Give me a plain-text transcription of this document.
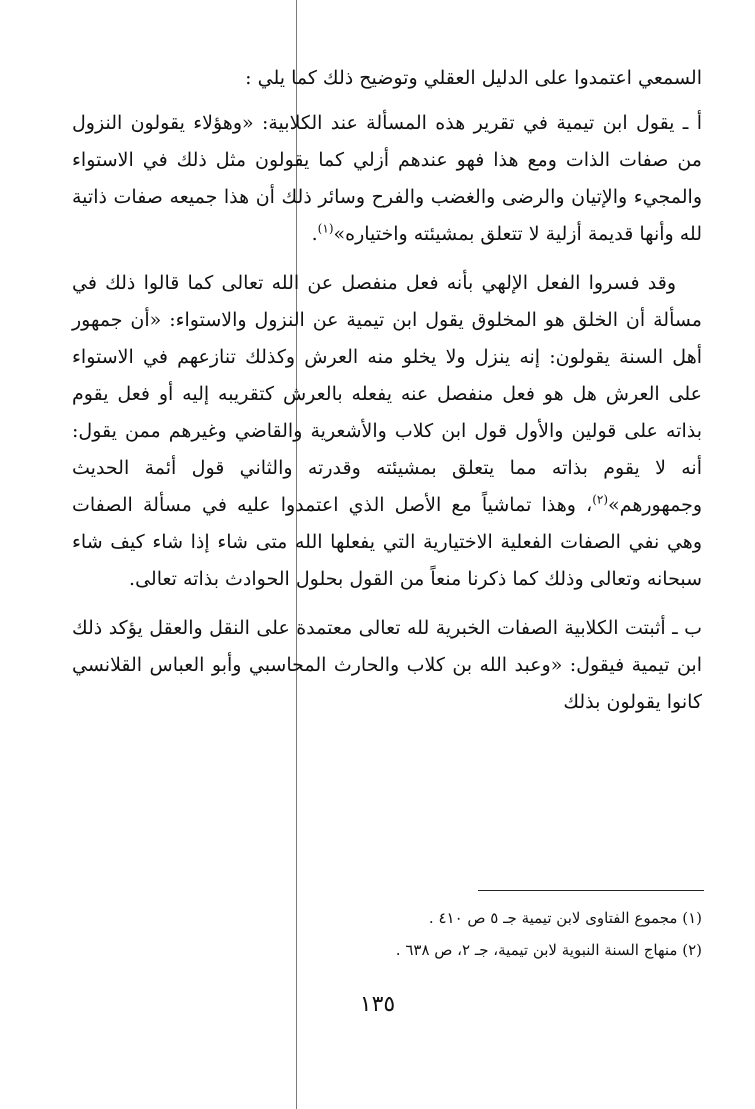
السمعي اعتمدوا على الدليل العقلي وتوضيح ذلك كما يلي :

أ ـ يقول ابن تيمية في تقرير هذه المسألة عند الكلابية: «وهؤلاء يقولون النزول من صفات الذات ومع هذا فهو عندهم أزلي كما يقولون مثل ذلك في الاستواء والمجيء والإتيان والرضى والغضب والفرح وسائر ذلك أن هذا جميعه صفات ذاتية لله وأنها قديمة أزلية لا تتعلق بمشيئته واختياره»$^{(١)}$.

وقد فسروا الفعل الإلهي بأنه فعل منفصل عن الله تعالى كما قالوا ذلك في مسألة أن الخلق هو المخلوق يقول ابن تيمية عن النزول والاستواء: «أن جمهور أهل السنة يقولون: إنه ينزل ولا يخلو منه العرش وكذلك تنازعهم في الاستواء على العرش هل هو فعل منفصل عنه يفعله بالعرش كتقريبه إليه أو فعل يقوم بذاته على قولين والأول قول ابن كلاب والأشعرية والقاضي وغيرهم ممن يقول: أنه لا يقوم بذاته مما يتعلق بمشيئته وقدرته والثاني قول أئمة الحديث وجمهورهم»$^{(٢)}$، وهذا تماشياً مع الأصل الذي اعتمدوا عليه في مسألة الصفات وهي نفي الصفات الفعلية الاختيارية التي يفعلها الله متى شاء إذا شاء كيف شاء سبحانه وتعالى وذلك كما ذكرنا منعاً من القول بحلول الحوادث بذاته تعالى.

ب ـ أثبتت الكلابية الصفات الخبرية لله تعالى معتمدة على النقل والعقل يؤكد ذلك ابن تيمية فيقول: «وعبد الله بن كلاب والحارث المحاسبي وأبو العباس القلانسي كانوا يقولون بذلك

(١) مجموع الفتاوى لابن تيمية جـ ٥ ص ٤١٠ .
(٢) منهاج السنة النبوية لابن تيمية، جـ ٢، ص ٦٣٨ .
١٣٥
